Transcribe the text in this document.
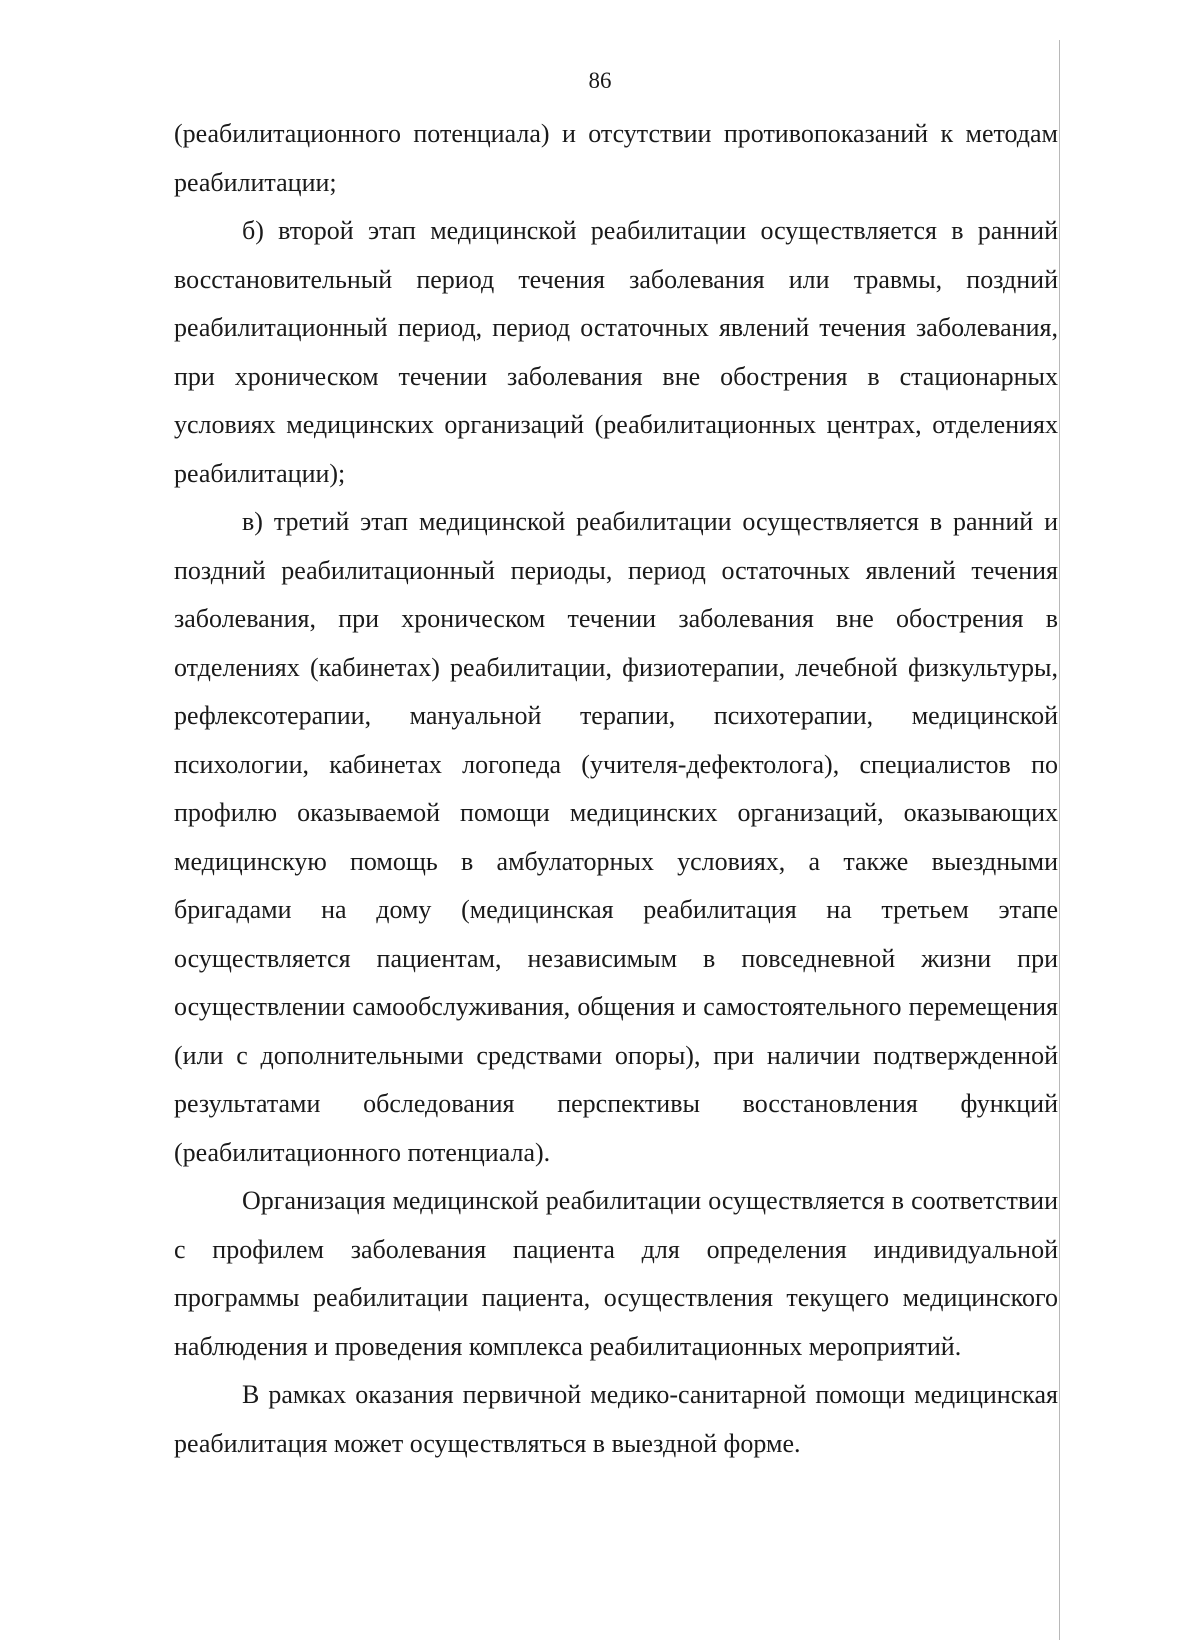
86

(реабилитационного потенциала) и отсутствии противопоказаний к методам реабилитации;

б) второй этап медицинской реабилитации осуществляется в ранний восстановительный период течения заболевания или травмы, поздний реабилитационный период, период остаточных явлений течения заболевания, при хроническом течении заболевания вне обострения в стационарных условиях медицинских организаций (реабилитационных центрах, отделениях реабилитации);

в) третий этап медицинской реабилитации осуществляется в ранний и поздний реабилитационный периоды, период остаточных явлений течения заболевания, при хроническом течении заболевания вне обострения в отделениях (кабинетах) реабилитации, физиотерапии, лечебной физкультуры, рефлексотерапии, мануальной терапии, психотерапии, медицинской психологии, кабинетах логопеда (учителя-дефектолога), специалистов по профилю оказываемой помощи медицинских организаций, оказывающих медицинскую помощь в амбулаторных условиях, а также выездными бригадами на дому (медицинская реабилитация на третьем этапе осуществляется пациентам, независимым в повседневной жизни при осуществлении самообслуживания, общения и самостоятельного перемещения (или с дополнительными средствами опоры), при наличии подтвержденной результатами обследования перспективы восстановления функций (реабилитационного потенциала).

Организация медицинской реабилитации осуществляется в соответствии с профилем заболевания пациента для определения индивидуальной программы реабилитации пациента, осуществления текущего медицинского наблюдения и проведения комплекса реабилитационных мероприятий.

В рамках оказания первичной медико-санитарной помощи медицинская реабилитация может осуществляться в выездной форме.
